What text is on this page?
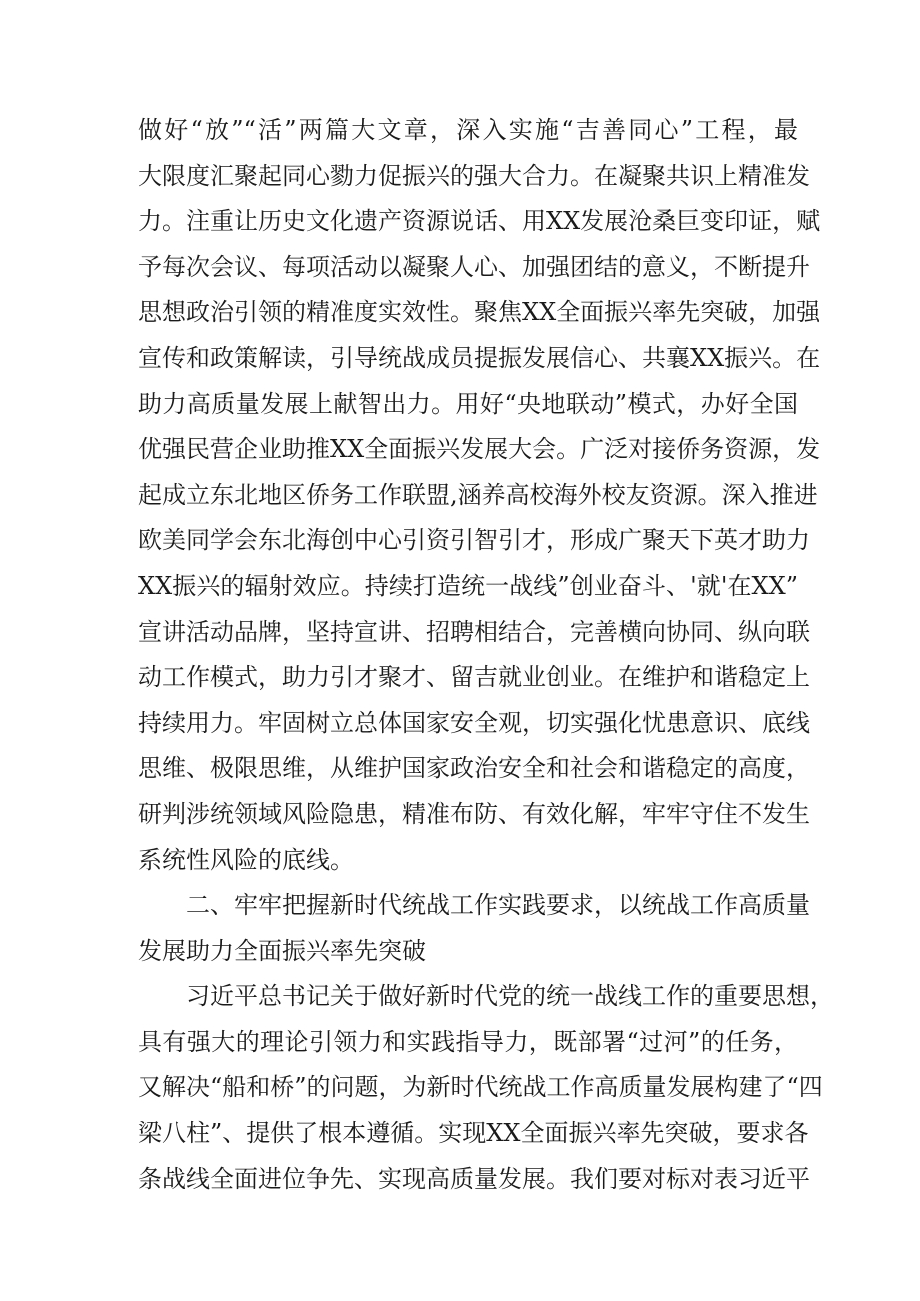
做好“放”“活”两篇大文章，深入实施“吉善同心”工程，最
大限度汇聚起同心勠力促振兴的强大合力。在凝聚共识上精准发
力。注重让历史文化遗产资源说话、用XX发展沧桑巨变印证，赋
予每次会议、每项活动以凝聚人心、加强团结的意义，不断提升
思想政治引领的精准度实效性。聚焦XX全面振兴率先突破，加强
宣传和政策解读，引导统战成员提振发展信心、共襄XX振兴。在
助力高质量发展上献智出力。用好“央地联动”模式，办好全国
优强民营企业助推XX全面振兴发展大会。广泛对接侨务资源，发
起成立东北地区侨务工作联盟,涵养高校海外校友资源。深入推进
欧美同学会东北海创中心引资引智引才，形成广聚天下英才助力
XX振兴的辐射效应。持续打造统一战线”创业奋斗、'就'在XX”
宣讲活动品牌，坚持宣讲、招聘相结合，完善横向协同、纵向联
动工作模式，助力引才聚才、留吉就业创业。在维护和谐稳定上
持续用力。牢固树立总体国家安全观，切实强化忧患意识、底线
思维、极限思维，从维护国家政治安全和社会和谐稳定的高度，
研判涉统领域风险隐患，精准布防、有效化解，牢牢守住不发生
系统性风险的底线。
二、牢牢把握新时代统战工作实践要求，以统战工作高质量
发展助力全面振兴率先突破
习近平总书记关于做好新时代党的统一战线工作的重要思想，
具有强大的理论引领力和实践指导力，既部署“过河”的任务，
又解决“船和桥”的问题，为新时代统战工作高质量发展构建了“四
梁八柱”、提供了根本遵循。实现XX全面振兴率先突破，要求各
条战线全面进位争先、实现高质量发展。我们要对标对表习近平
